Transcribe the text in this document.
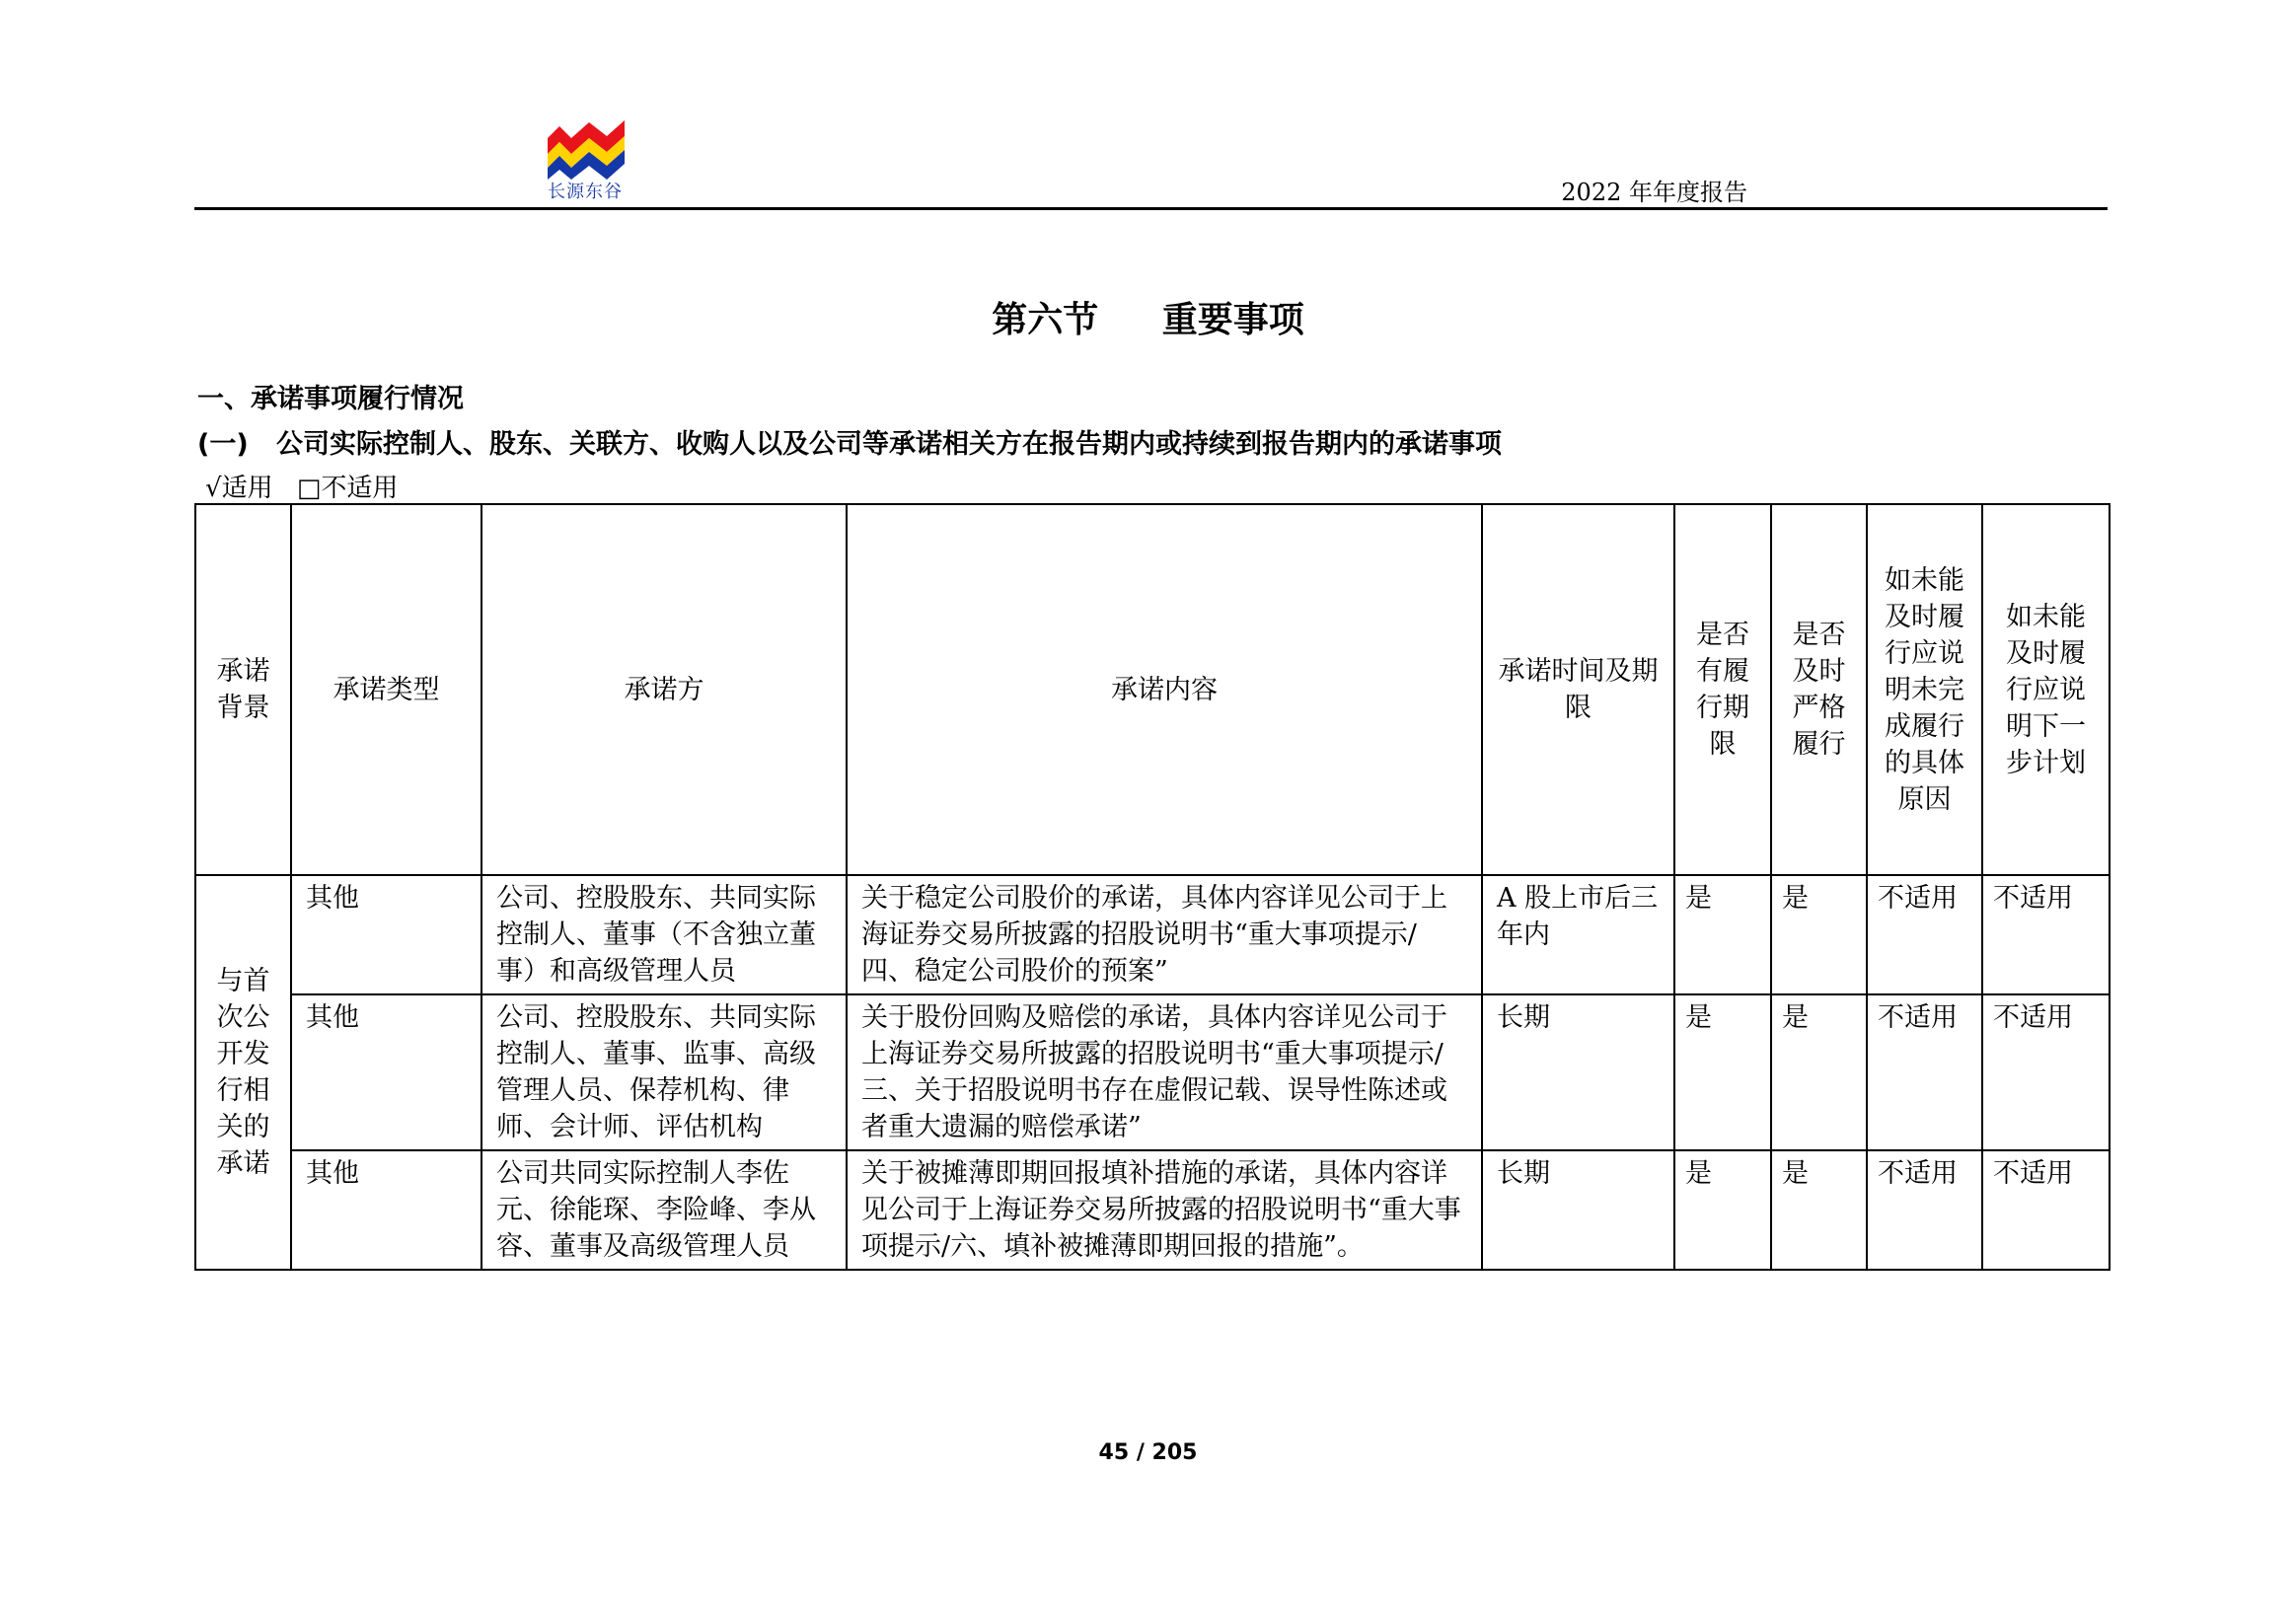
长源东谷	2022 年年度报告
第六节 重要事项
一、承诺事项履行情况
(一) 公司实际控制人、股东、关联方、收购人以及公司等承诺相关方在报告期内或持续到报告期内的承诺事项
√适用 □不适用
承诺背景	承诺类型	承诺方	承诺内容	承诺时间及期限	是否有履行期限	是否及时严格履行	如未能及时履行应说明未完成履行的具体原因	如未能及时履行应说明下一步计划
与首次公开发行相关的承诺	其他	公司、控股股东、共同实际控制人、董事（不含独立董事）和高级管理人员	关于稳定公司股价的承诺，具体内容详见公司于上海证券交易所披露的招股说明书“重大事项提示/四、稳定公司股价的预案”	A 股上市后三年内	是	是	不适用	不适用
	其他	公司、控股股东、共同实际控制人、董事、监事、高级管理人员、保荐机构、律师、会计师、评估机构	关于股份回购及赔偿的承诺，具体内容详见公司于上海证券交易所披露的招股说明书“重大事项提示/三、关于招股说明书存在虚假记载、误导性陈述或者重大遗漏的赔偿承诺”	长期	是	是	不适用	不适用
	其他	公司共同实际控制人李佐元、徐能琛、李险峰、李从容、董事及高级管理人员	关于被摊薄即期回报填补措施的承诺，具体内容详见公司于上海证券交易所披露的招股说明书“重大事项提示/六、填补被摊薄即期回报的措施”。	长期	是	是	不适用	不适用
45 / 205
